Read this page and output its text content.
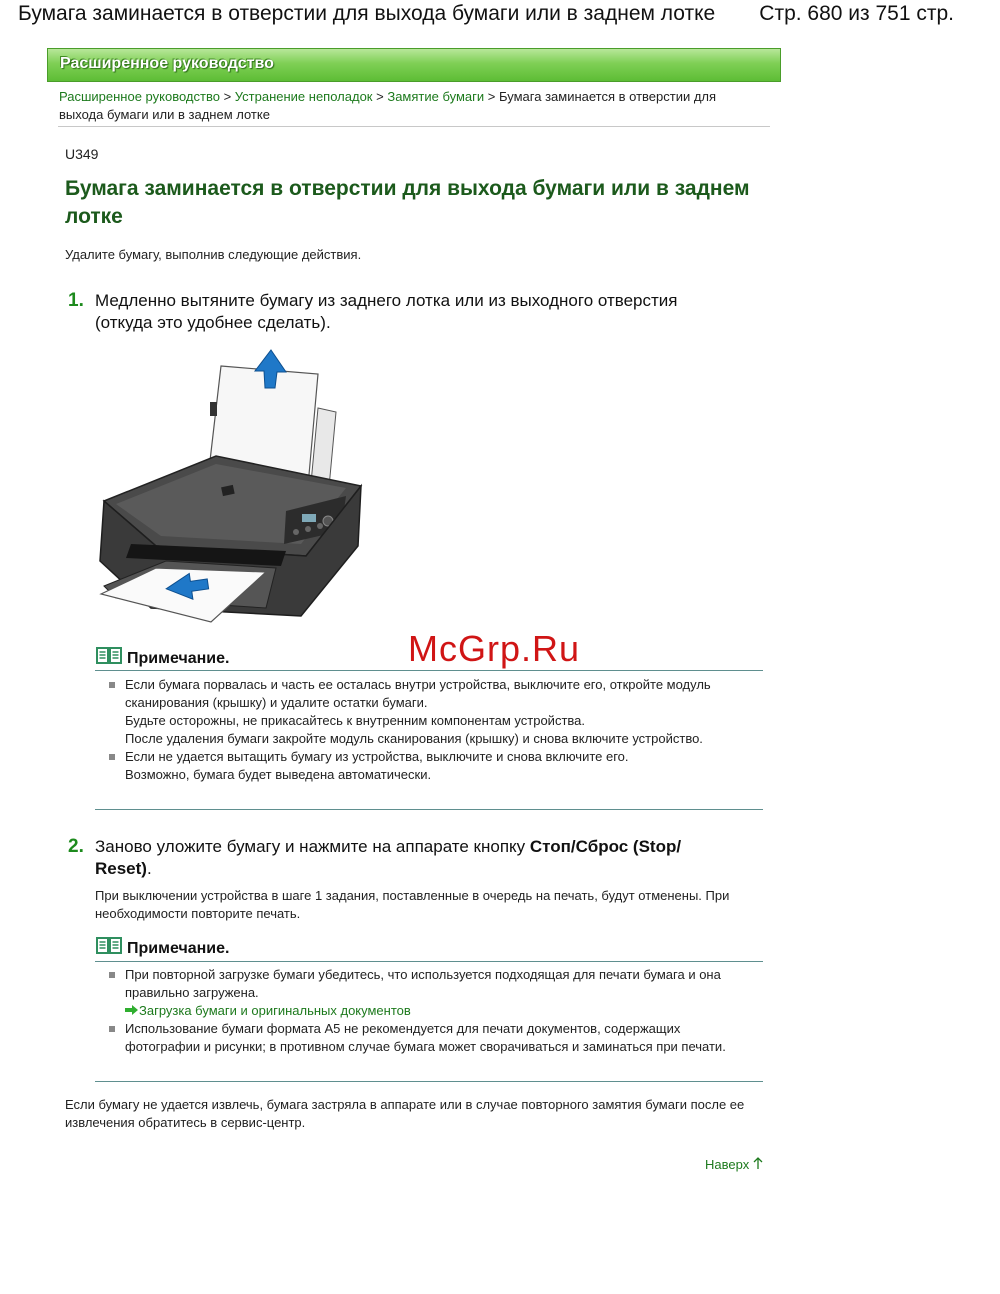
Бумага заминается в отверстии для выхода бумаги или в заднем лотке Стр. 680 из 751 стр.
Расширенное руководство
Расширенное руководство > Устранение неполадок > Замятие бумаги > Бумага заминается в отверстии для выхода бумаги или в заднем лотке
U349
Бумага заминается в отверстии для выхода бумаги или в заднем лотке
Удалите бумагу, выполнив следующие действия.
1. Медленно вытяните бумагу из заднего лотка или из выходного отверстия (откуда это удобнее сделать).
McGrp.Ru
Примечание.
Если бумага порвалась и часть ее осталась внутри устройства, выключите его, откройте модуль сканирования (крышку) и удалите остатки бумаги.
Будьте осторожны, не прикасайтесь к внутренним компонентам устройства.
После удаления бумаги закройте модуль сканирования (крышку) и снова включите устройство.
Если не удается вытащить бумагу из устройства, выключите и снова включите его.
Возможно, бумага будет выведена автоматически.
2. Заново уложите бумагу и нажмите на аппарате кнопку Стоп/Сброс (Stop/ Reset).
При выключении устройства в шаге 1 задания, поставленные в очередь на печать, будут отменены. При необходимости повторите печать.
Примечание.
При повторной загрузке бумаги убедитесь, что используется подходящая для печати бумага и она правильно загружена.
Загрузка бумаги и оригинальных документов
Использование бумаги формата A5 не рекомендуется для печати документов, содержащих фотографии и рисунки; в противном случае бумага может сворачиваться и заминаться при печати.
Если бумагу не удается извлечь, бумага застряла в аппарате или в случае повторного замятия бумаги после ее извлечения обратитесь в сервис-центр.
Наверх
